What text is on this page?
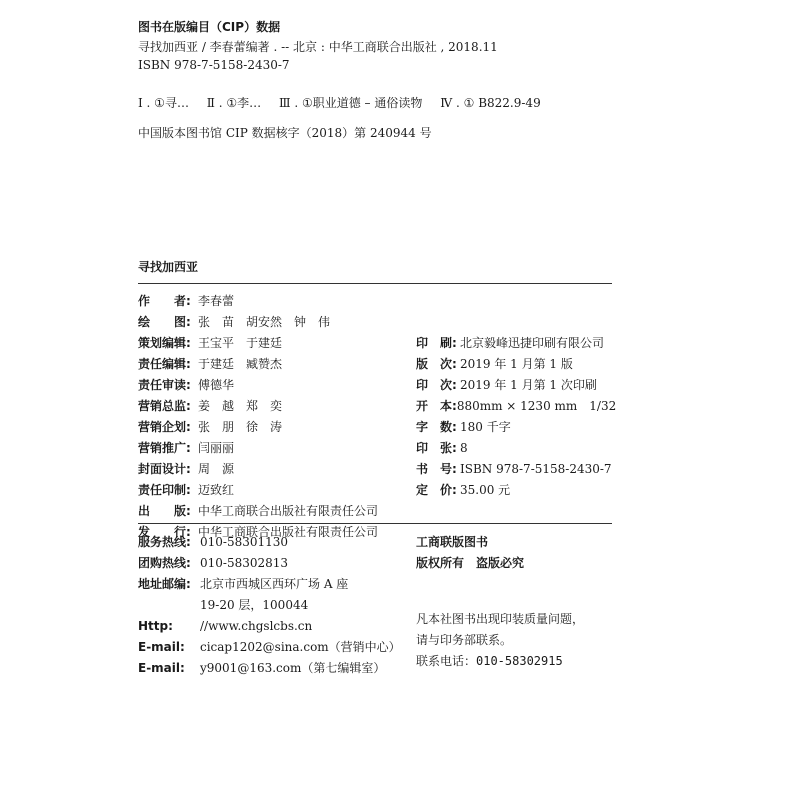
图书在版编目（CIP）数据
寻找加西亚 / 李春蕾编著 . -- 北京 : 中华工商联合出版社 , 2018.11
ISBN 978-7-5158-2430-7
Ⅰ . ①寻… Ⅱ . ①李… Ⅲ . ①职业道德 – 通俗读物 Ⅳ . ① B822.9-49
中国版本图书馆 CIP 数据核字（2018）第 240944 号
寻找加西亚
作　　者: 李春蕾
绘　　图: 张　苗　胡安然　钟　伟
策划编辑: 王宝平　于建廷
责任编辑: 于建廷　臧赞杰
责任审读: 傅德华
营销总监: 姜　越　郑　奕
营销企划: 张　朋　徐　涛
营销推广: 闫丽丽
封面设计: 周　源
责任印制: 迈致红
出　　版: 中华工商联合出版社有限责任公司
发　　行: 中华工商联合出版社有限责任公司
印　刷: 北京毅峰迅捷印刷有限公司
版　次: 2019 年 1 月第 1 版
印　次: 2019 年 1 月第 1 次印刷
开　本: 880mm × 1230 mm　1/32
字　数: 180 千字
印　张: 8
书　号: ISBN 978-7-5158-2430-7
定　价: 35.00 元
服务热线: 010-58301130
团购热线: 010-58302813
地址邮编: 北京市西城区西环广场 A 座
19-20 层，100044
Http:	//www.chgslcbs.cn
E-mail:	cicap1202@sina.com（营销中心）
E-mail:	y9001@163.com（第七编辑室）
工商联版图书
版权所有　盗版必究
凡本社图书出现印装质量问题，
请与印务部联系。
联系电话：010-58302915
